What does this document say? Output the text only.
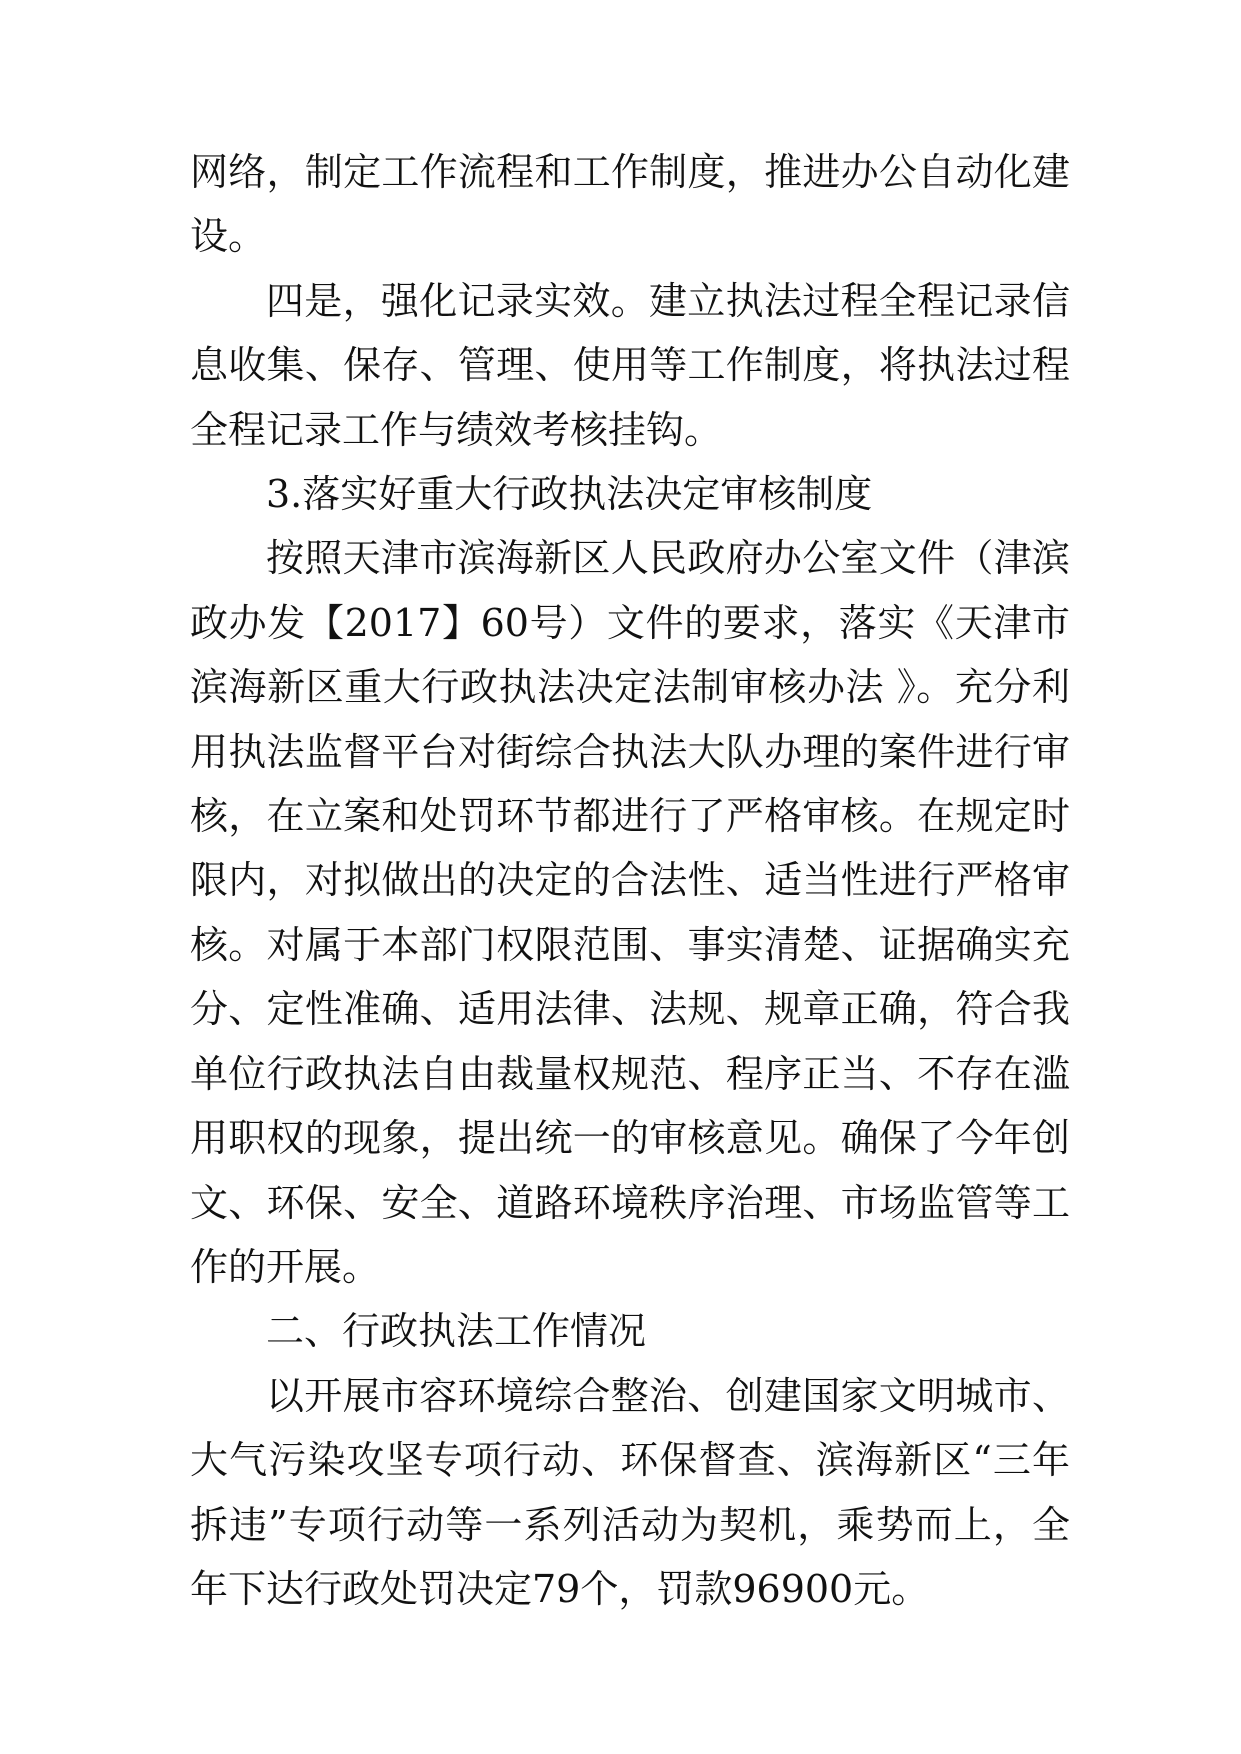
网络，制定工作流程和工作制度，推进办公自动化建设。

四是，强化记录实效。建立执法过程全程记录信息收集、保存、管理、使用等工作制度，将执法过程全程记录工作与绩效考核挂钩。

3.落实好重大行政执法决定审核制度

按照天津市滨海新区人民政府办公室文件（津滨政办发【2017】60号）文件的要求，落实《天津市滨海新区重大行政执法决定法制审核办法 》。充分利用执法监督平台对街综合执法大队办理的案件进行审核，在立案和处罚环节都进行了严格审核。在规定时限内，对拟做出的决定的合法性、适当性进行严格审核。对属于本部门权限范围、事实清楚、证据确实充分、定性准确、适用法律、法规、规章正确，符合我单位行政执法自由裁量权规范、程序正当、不存在滥用职权的现象，提出统一的审核意见。确保了今年创文、环保、安全、道路环境秩序治理、市场监管等工作的开展。

二、行政执法工作情况

以开展市容环境综合整治、创建国家文明城市、大气污染攻坚专项行动、环保督查、滨海新区“三年拆违”专项行动等一系列活动为契机，乘势而上，全年下达行政处罚决定79个，罚款96900元。
